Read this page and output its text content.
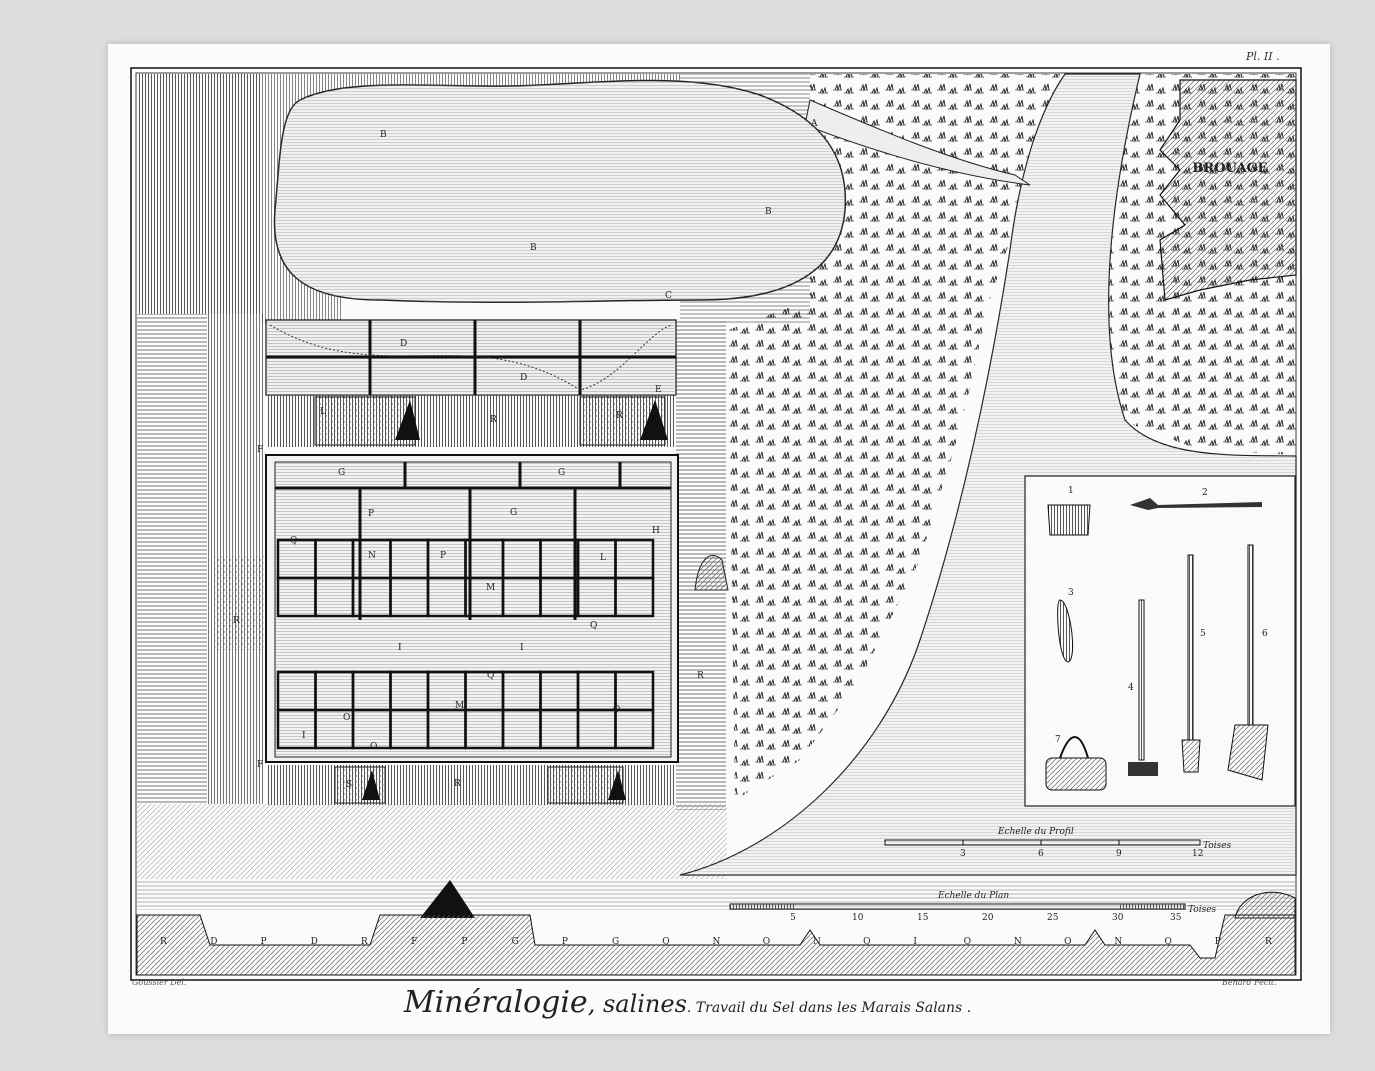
BROUAGE
B
B
B
C
A
D
D
E
L	R
R
G	G
G
H
P
P
N
M
M
L
Q
Q
Q
I	I
I
O
O
O
F
F
R
S	R
1	2
3
4
5	6
7
Echelle du Profil
3	6	9	12
Toises
5	10	15	20	25	30	35
R	D	P	D	R	F	P	G	P	G	Q	N	O	N	Q	I	Q	N	O	N	Q	P	R
Pl. II .
Goussier Del.	Benard Fecit.
Minéralogie, salines. Travail du Sel dans les Marais Salans .
